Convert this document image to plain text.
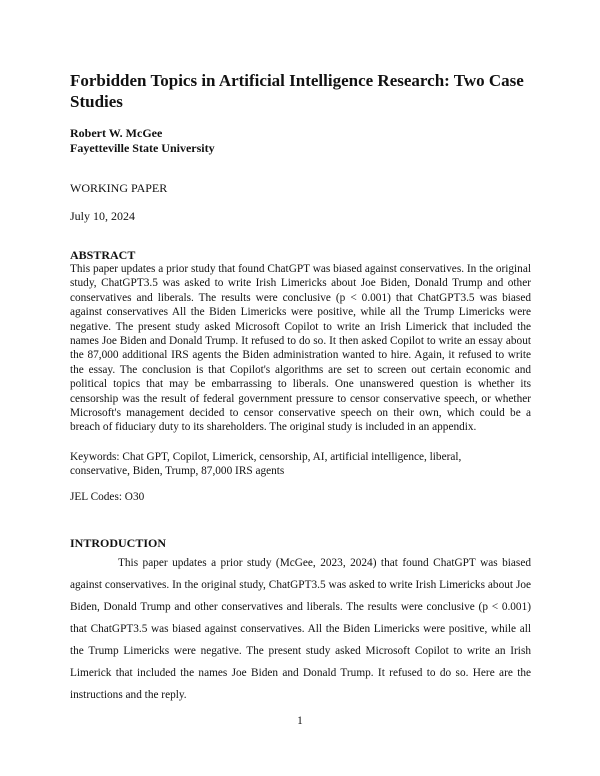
Forbidden Topics in Artificial Intelligence Research: Two Case Studies
Robert W. McGee
Fayetteville State University
WORKING PAPER
July 10, 2024
ABSTRACT

This paper updates a prior study that found ChatGPT was biased against conservatives. In the original study, ChatGPT3.5 was asked to write Irish Limericks about Joe Biden, Donald Trump and other conservatives and liberals. The results were conclusive (p < 0.001) that ChatGPT3.5 was biased against conservatives All the Biden Limericks were positive, while all the Trump Limericks were negative. The present study asked Microsoft Copilot to write an Irish Limerick that included the names Joe Biden and Donald Trump. It refused to do so. It then asked Copilot to write an essay about the 87,000 additional IRS agents the Biden administration wanted to hire. Again, it refused to write the essay. The conclusion is that Copilot's algorithms are set to screen out certain economic and political topics that may be embarrassing to liberals. One unanswered question is whether its censorship was the result of federal government pressure to censor conservative speech, or whether Microsoft's management decided to censor conservative speech on their own, which could be a breach of fiduciary duty to its shareholders. The original study is included in an appendix.

Keywords: Chat GPT, Copilot, Limerick, censorship, AI, artificial intelligence, liberal, conservative, Biden, Trump, 87,000 IRS agents

JEL Codes: O30
INTRODUCTION

This paper updates a prior study (McGee, 2023, 2024) that found ChatGPT was biased against conservatives. In the original study, ChatGPT3.5 was asked to write Irish Limericks about Joe Biden, Donald Trump and other conservatives and liberals. The results were conclusive (p < 0.001) that ChatGPT3.5 was biased against conservatives. All the Biden Limericks were positive, while all the Trump Limericks were negative. The present study asked Microsoft Copilot to write an Irish Limerick that included the names Joe Biden and Donald Trump. It refused to do so. Here are the instructions and the reply.

1
